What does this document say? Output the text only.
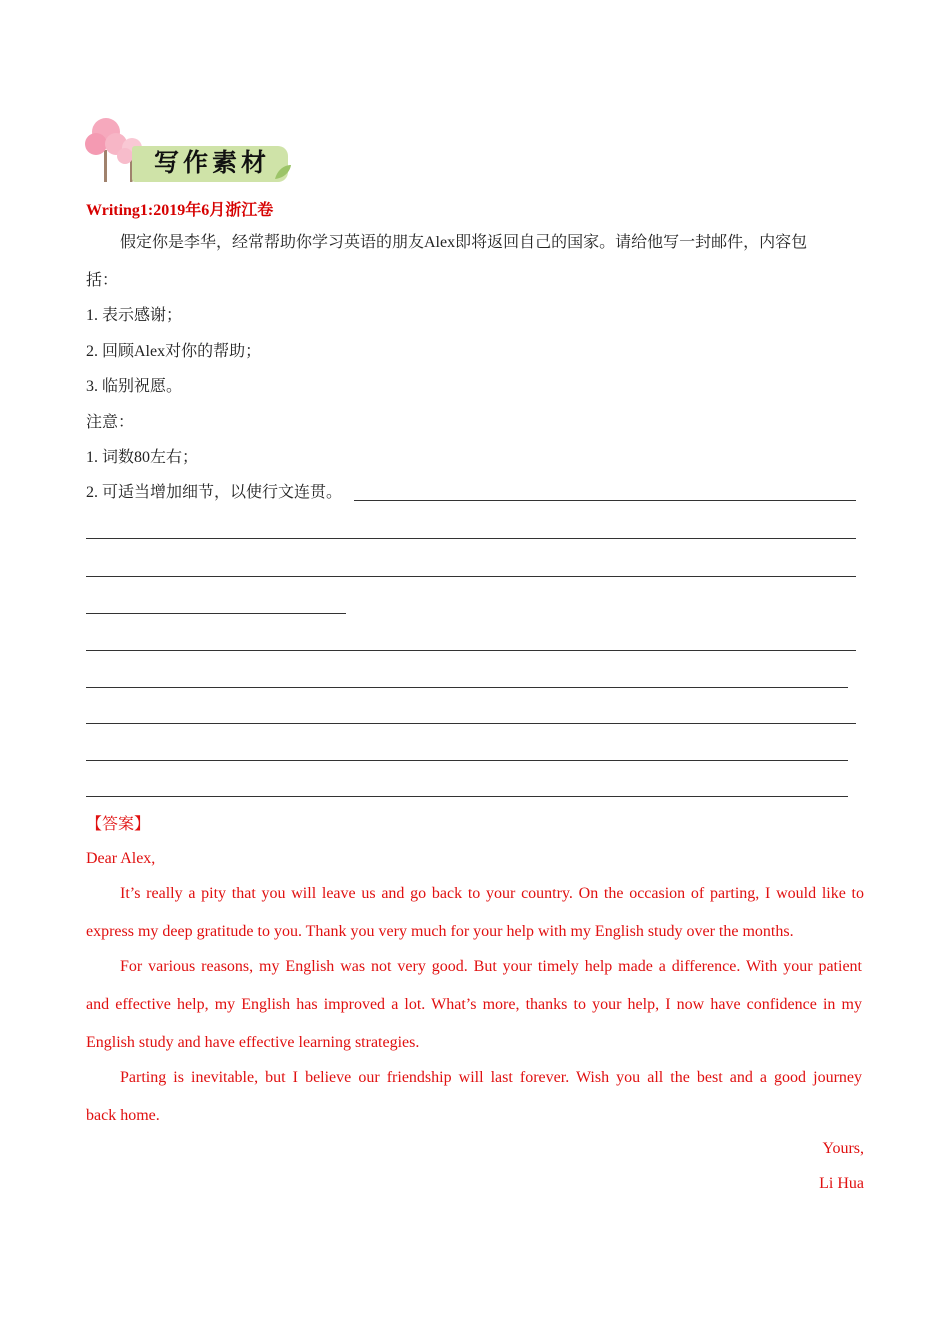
写作素材
Writing1:2019年6月浙江卷
假定你是李华，经常帮助你学习英语的朋友Alex即将返回自己的国家。请给他写一封邮件，内容包
括：
1. 表示感谢；
2. 回顾Alex对你的帮助；
3. 临别祝愿。
注意：
1. 词数80左右；
2. 可适当增加细节，以使行文连贯。
【答案】
Dear Alex,
It’s really a pity that you will leave us and go back to your country. On the occasion of parting, I would like to
express my deep gratitude to you. Thank you very much for your help with my English study over the months.
For various reasons, my English was not very good. But your timely help made a difference. With your patient
and effective help, my English has improved a lot. What’s more, thanks to your help, I now have confidence in my
English study and have effective learning strategies.
Parting is inevitable, but I believe our friendship will last forever. Wish you all the best and a good journey
back home.
Yours,
Li Hua
